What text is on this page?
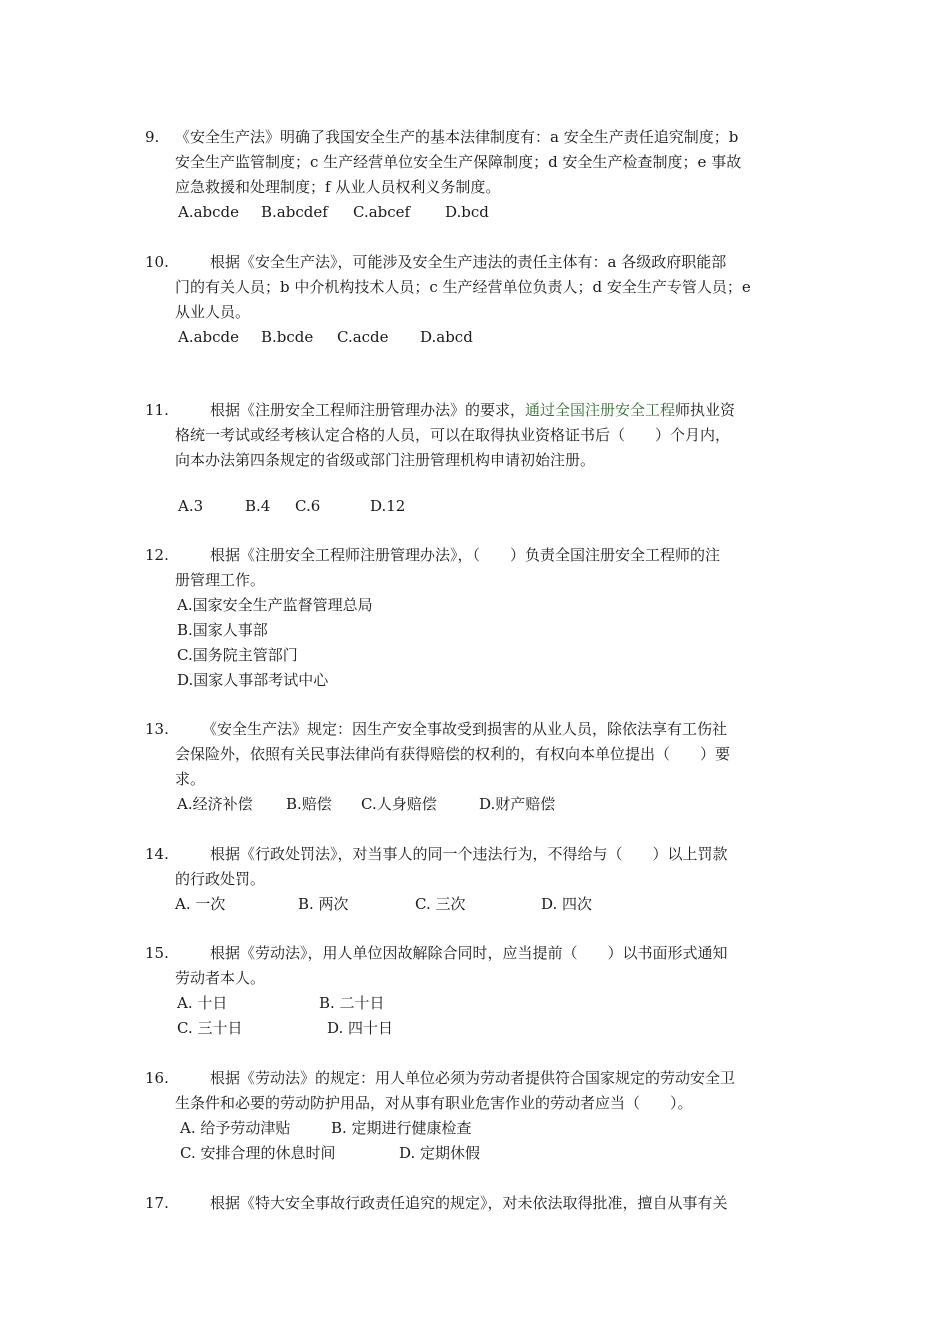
9. 《安全生产法》明确了我国安全生产的基本法律制度有：a 安全生产责任追究制度；b
安全生产监管制度；c 生产经营单位安全生产保障制度；d 安全生产检查制度；e 事故
应急救援和处理制度；f 从业人员权利义务制度。
A.abcde B.abcdef C.abcef D.bcd
10.	根据《安全生产法》，可能涉及安全生产违法的责任主体有：a 各级政府职能部
门的有关人员；b 中介机构技术人员；c 生产经营单位负责人；d 安全生产专管人员；e
从业人员。
A.abcde B.bcde C.acde D.abcd
11.	根据《注册安全工程师注册管理办法》的要求，通过全国注册安全工程师执业资
格统一考试或经考核认定合格的人员，可以在取得执业资格证书后（　　）个月内，
向本办法第四条规定的省级或部门注册管理机构申请初始注册。
A.3	B.4 C.6	D.12
12.	根据《注册安全工程师注册管理办法》，（　　）负责全国注册安全工程师的注
册管理工作。
A.国家安全生产监督管理总局
B.国家人事部
C.国务院主管部门
D.国家人事部考试中心
13. 《安全生产法》规定：因生产安全事故受到损害的从业人员，除依法享有工伤社
会保险外，依照有关民事法律尚有获得赔偿的权利的，有权向本单位提出（　　）要
求。
A.经济补偿 B.赔偿 C.人身赔偿	D.财产赔偿
14.	根据《行政处罚法》，对当事人的同一个违法行为，不得给与（　　）以上罚款
的行政处罚。
A. 一次	B. 两次	C. 三次	D. 四次
15.	根据《劳动法》，用人单位因故解除合同时，应当提前（　　）以书面形式通知
劳动者本人。
A. 十日	B. 二十日
C. 三十日	D. 四十日
16.	根据《劳动法》的规定：用人单位必须为劳动者提供符合国家规定的劳动安全卫
生条件和必要的劳动防护用品，对从事有职业危害作业的劳动者应当（　　）。
A. 给予劳动津贴	B. 定期进行健康检查
C. 安排合理的休息时间	D. 定期休假
17.	根据《特大安全事故行政责任追究的规定》，对未依法取得批准，擅自从事有关
